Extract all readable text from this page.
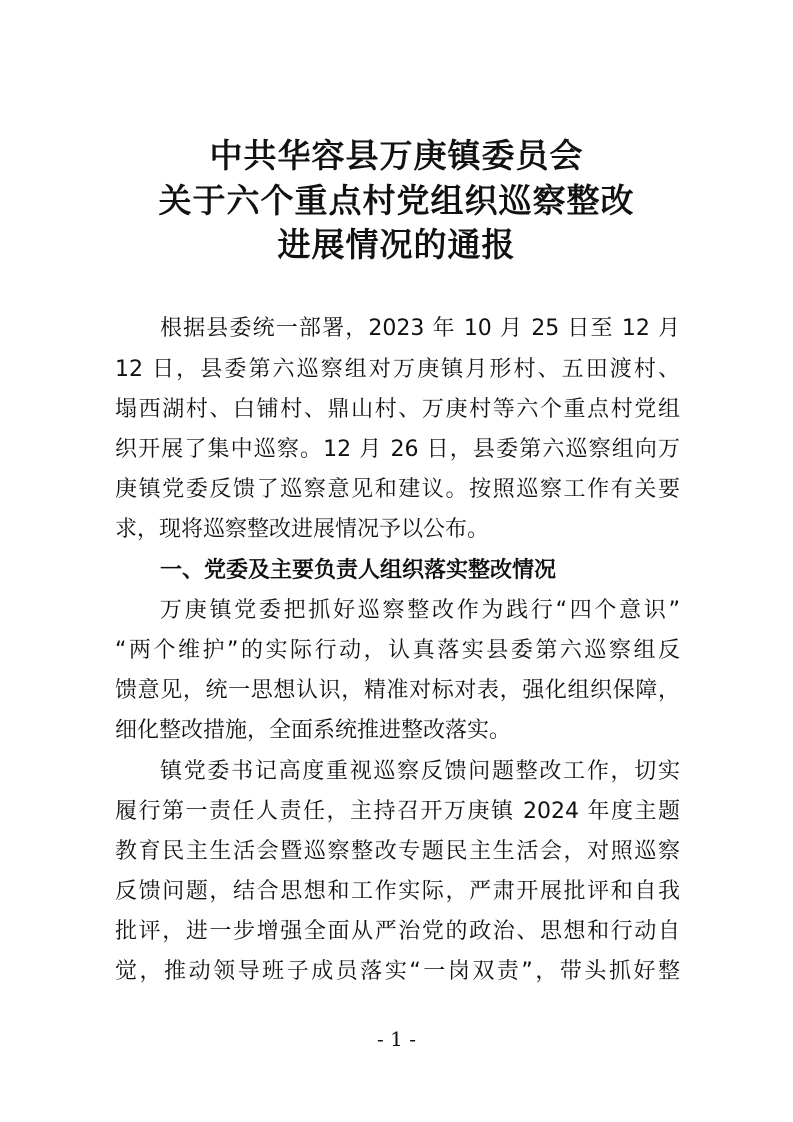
中共华容县万庚镇委员会
关于六个重点村党组织巡察整改
进展情况的通报
根据县委统一部署，2023 年 10 月 25 日至 12 月
12 日，县委第六巡察组对万庚镇月形村、五田渡村、
塌西湖村、白铺村、鼎山村、万庚村等六个重点村党组
织开展了集中巡察。12 月 26 日，县委第六巡察组向万
庚镇党委反馈了巡察意见和建议。按照巡察工作有关要
求，现将巡察整改进展情况予以公布。
一、党委及主要负责人组织落实整改情况
万庚镇党委把抓好巡察整改作为践行“四个意识”
“两个维护”的实际行动，认真落实县委第六巡察组反
馈意见，统一思想认识，精准对标对表，强化组织保障，
细化整改措施，全面系统推进整改落实。
镇党委书记高度重视巡察反馈问题整改工作，切实
履行第一责任人责任，主持召开万庚镇 2024 年度主题
教育民主生活会暨巡察整改专题民主生活会，对照巡察
反馈问题，结合思想和工作实际，严肃开展批评和自我
批评，进一步增强全面从严治党的政治、思想和行动自
觉，推动领导班子成员落实“一岗双责”，带头抓好整
- 1 -
